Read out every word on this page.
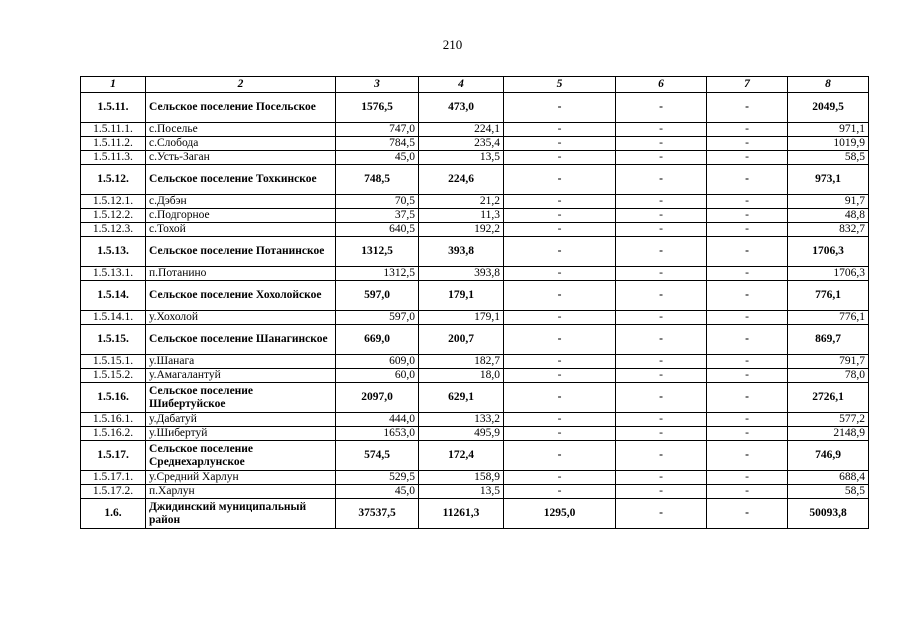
210
1	2	3	4	5	6	7	8
1.5.11.	Сельское поселение Посельское	1576,5	473,0	-	-	-	2049,5
1.5.11.1.	с.Поселье	747,0	224,1	-	-	-	971,1
1.5.11.2.	с.Слобода	784,5	235,4	-	-	-	1019,9
1.5.11.3.	с.Усть-Заган	45,0	13,5	-	-	-	58,5
1.5.12.	Сельское поселение Тохкинское	748,5	224,6	-	-	-	973,1
1.5.12.1.	с.Дэбэн	70,5	21,2	-	-	-	91,7
1.5.12.2.	с.Подгорное	37,5	11,3	-	-	-	48,8
1.5.12.3.	с.Тохой	640,5	192,2	-	-	-	832,7
1.5.13.	Сельское поселение Потанинское	1312,5	393,8	-	-	-	1706,3
1.5.13.1.	п.Потанино	1312,5	393,8	-	-	-	1706,3
1.5.14.	Сельское поселение Хохолойское	597,0	179,1	-	-	-	776,1
1.5.14.1.	у.Хохолой	597,0	179,1	-	-	-	776,1
1.5.15.	Сельское поселение Шанагинское	669,0	200,7	-	-	-	869,7
1.5.15.1.	у.Шанага	609,0	182,7	-	-	-	791,7
1.5.15.2.	у.Амагалантуй	60,0	18,0	-	-	-	78,0
1.5.16.	Сельское поселение Шибертуйское	2097,0	629,1	-	-	-	2726,1
1.5.16.1.	у.Дабатуй	444,0	133,2	-	-	-	577,2
1.5.16.2.	у.Шибертуй	1653,0	495,9	-	-	-	2148,9
1.5.17.	Сельское поселение Среднехарлунское	574,5	172,4	-	-	-	746,9
1.5.17.1.	у.Средний Харлун	529,5	158,9	-	-	-	688,4
1.5.17.2.	п.Харлун	45,0	13,5	-	-	-	58,5
1.6.	Джидинский муниципальный район	37537,5	11261,3	1295,0	-	-	50093,8
